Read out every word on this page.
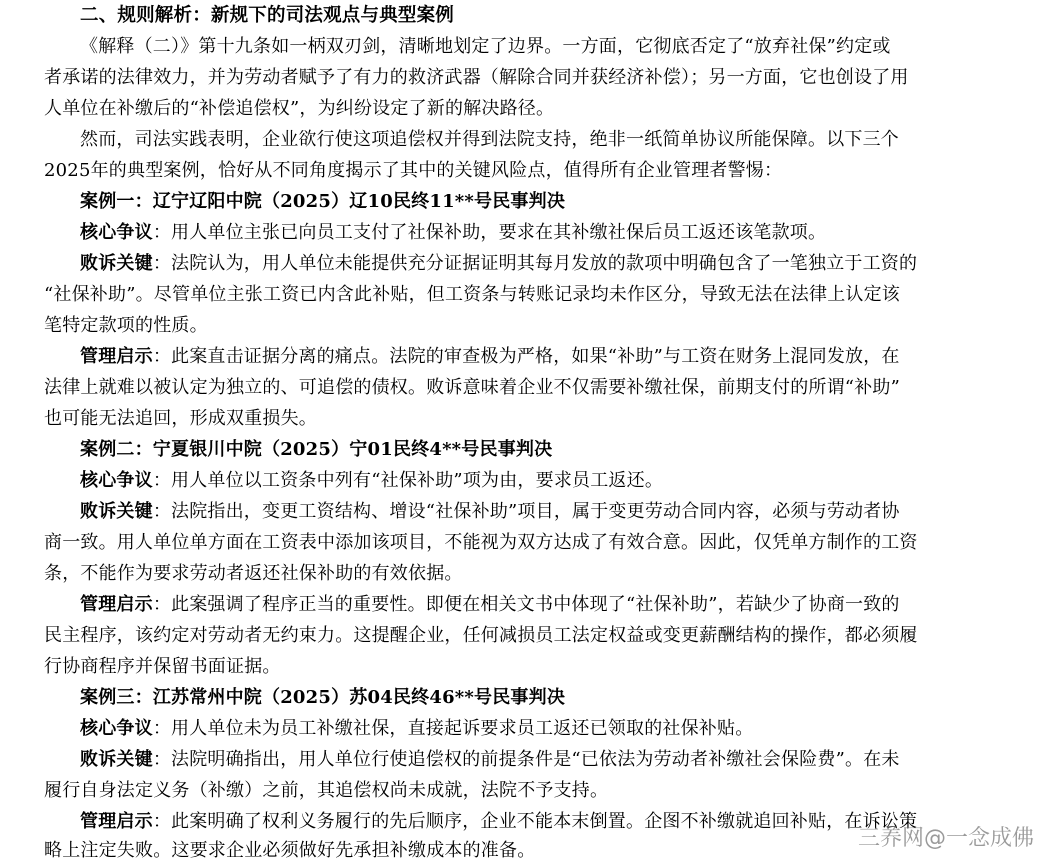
二、规则解析：新规下的司法观点与典型案例
《解释（二）》第十九条如一柄双刃剑，清晰地划定了边界。一方面，它彻底否定了“放弃社保”约定或
者承诺的法律效力，并为劳动者赋予了有力的救济武器（解除合同并获经济补偿）；另一方面，它也创设了用
人单位在补缴后的“补偿追偿权”，为纠纷设定了新的解决路径。
然而，司法实践表明，企业欲行使这项追偿权并得到法院支持，绝非一纸简单协议所能保障。以下三个
2025年的典型案例，恰好从不同角度揭示了其中的关键风险点，值得所有企业管理者警惕：
案例一：辽宁辽阳中院（2025）辽10民终11**号民事判决
核心争议：用人单位主张已向员工支付了社保补助，要求在其补缴社保后员工返还该笔款项。
败诉关键：法院认为，用人单位未能提供充分证据证明其每月发放的款项中明确包含了一笔独立于工资的
“社保补助”。尽管单位主张工资已内含此补贴，但工资条与转账记录均未作区分，导致无法在法律上认定该
笔特定款项的性质。
管理启示：此案直击证据分离的痛点。法院的审查极为严格，如果“补助”与工资在财务上混同发放，在
法律上就难以被认定为独立的、可追偿的债权。败诉意味着企业不仅需要补缴社保，前期支付的所谓“补助”
也可能无法追回，形成双重损失。
案例二：宁夏银川中院（2025）宁01民终4**号民事判决
核心争议：用人单位以工资条中列有“社保补助”项为由，要求员工返还。
败诉关键：法院指出，变更工资结构、增设“社保补助”项目，属于变更劳动合同内容，必须与劳动者协
商一致。用人单位单方面在工资表中添加该项目，不能视为双方达成了有效合意。因此，仅凭单方制作的工资
条，不能作为要求劳动者返还社保补助的有效依据。
管理启示：此案强调了程序正当的重要性。即便在相关文书中体现了“社保补助”，若缺少了协商一致的
民主程序，该约定对劳动者无约束力。这提醒企业，任何减损员工法定权益或变更薪酬结构的操作，都必须履
行协商程序并保留书面证据。
案例三：江苏常州中院（2025）苏04民终46**号民事判决
核心争议：用人单位未为员工补缴社保，直接起诉要求员工返还已领取的社保补贴。
败诉关键：法院明确指出，用人单位行使追偿权的前提条件是“已依法为劳动者补缴社会保险费”。在未
履行自身法定义务（补缴）之前，其追偿权尚未成就，法院不予支持。
管理启示：此案明确了权利义务履行的先后顺序，企业不能本末倒置。企图不补缴就追回补贴，在诉讼策
略上注定失败。这要求企业必须做好先承担补缴成本的准备。	三养网@一念成佛
